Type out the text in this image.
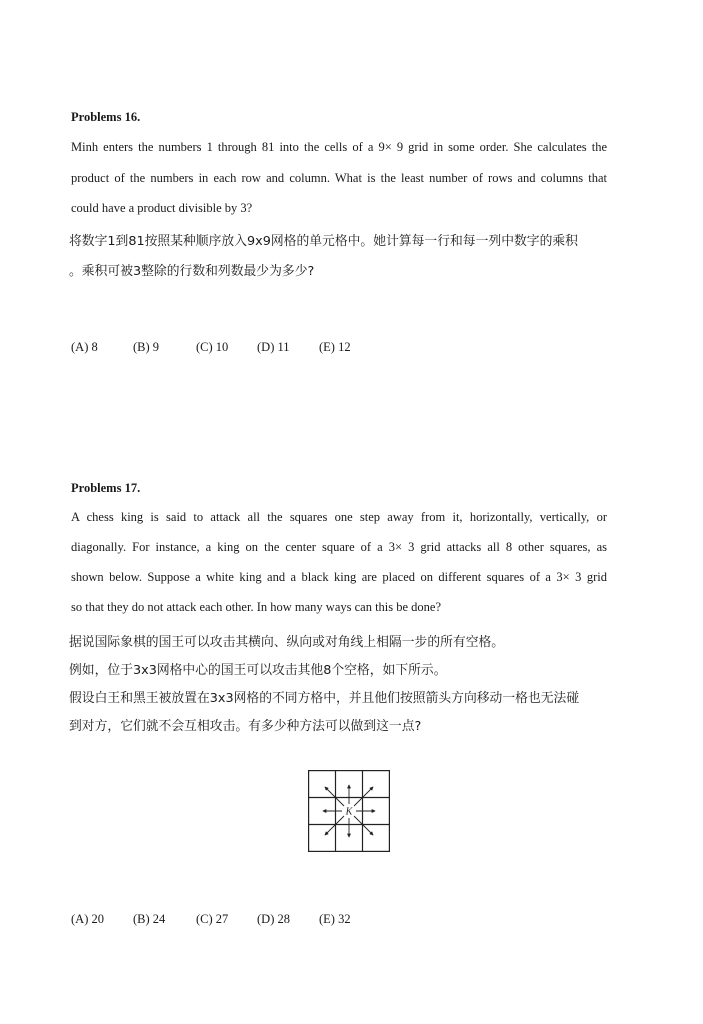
Problems 16.
Minh enters the numbers 1 through 81 into the cells of a 9× 9 grid in some order. She calculates the
product of the numbers in each row and column. What is the least number of rows and columns that
could have a product divisible by 3?
将数字1到81按照某种顺序放入9x9网格的单元格中。她计算每一行和每一列中数字的乘积
。乘积可被3整除的行数和列数最少为多少?
(A) 8	(B) 9	(C) 10 (D) 11 (E) 12
Problems 17.
A chess king is said to attack all the squares one step away from it, horizontally, vertically, or
diagonally. For instance, a king on the center square of a 3× 3 grid attacks all 8 other squares, as
shown below. Suppose a white king and a black king are placed on different squares of a 3× 3 grid
so that they do not attack each other. In how many ways can this be done?
据说国际象棋的国王可以攻击其横向、纵向或对角线上相隔一步的所有空格。
例如，位于3x3网格中心的国王可以攻击其他8个空格，如下所示。
假设白王和黑王被放置在3x3网格的不同方格中，并且他们按照箭头方向移动一格也无法碰
到对方，它们就不会互相攻击。有多少种方法可以做到这一点?
K
(A) 20 (B) 24 (C) 27 (D) 28 (E) 32
